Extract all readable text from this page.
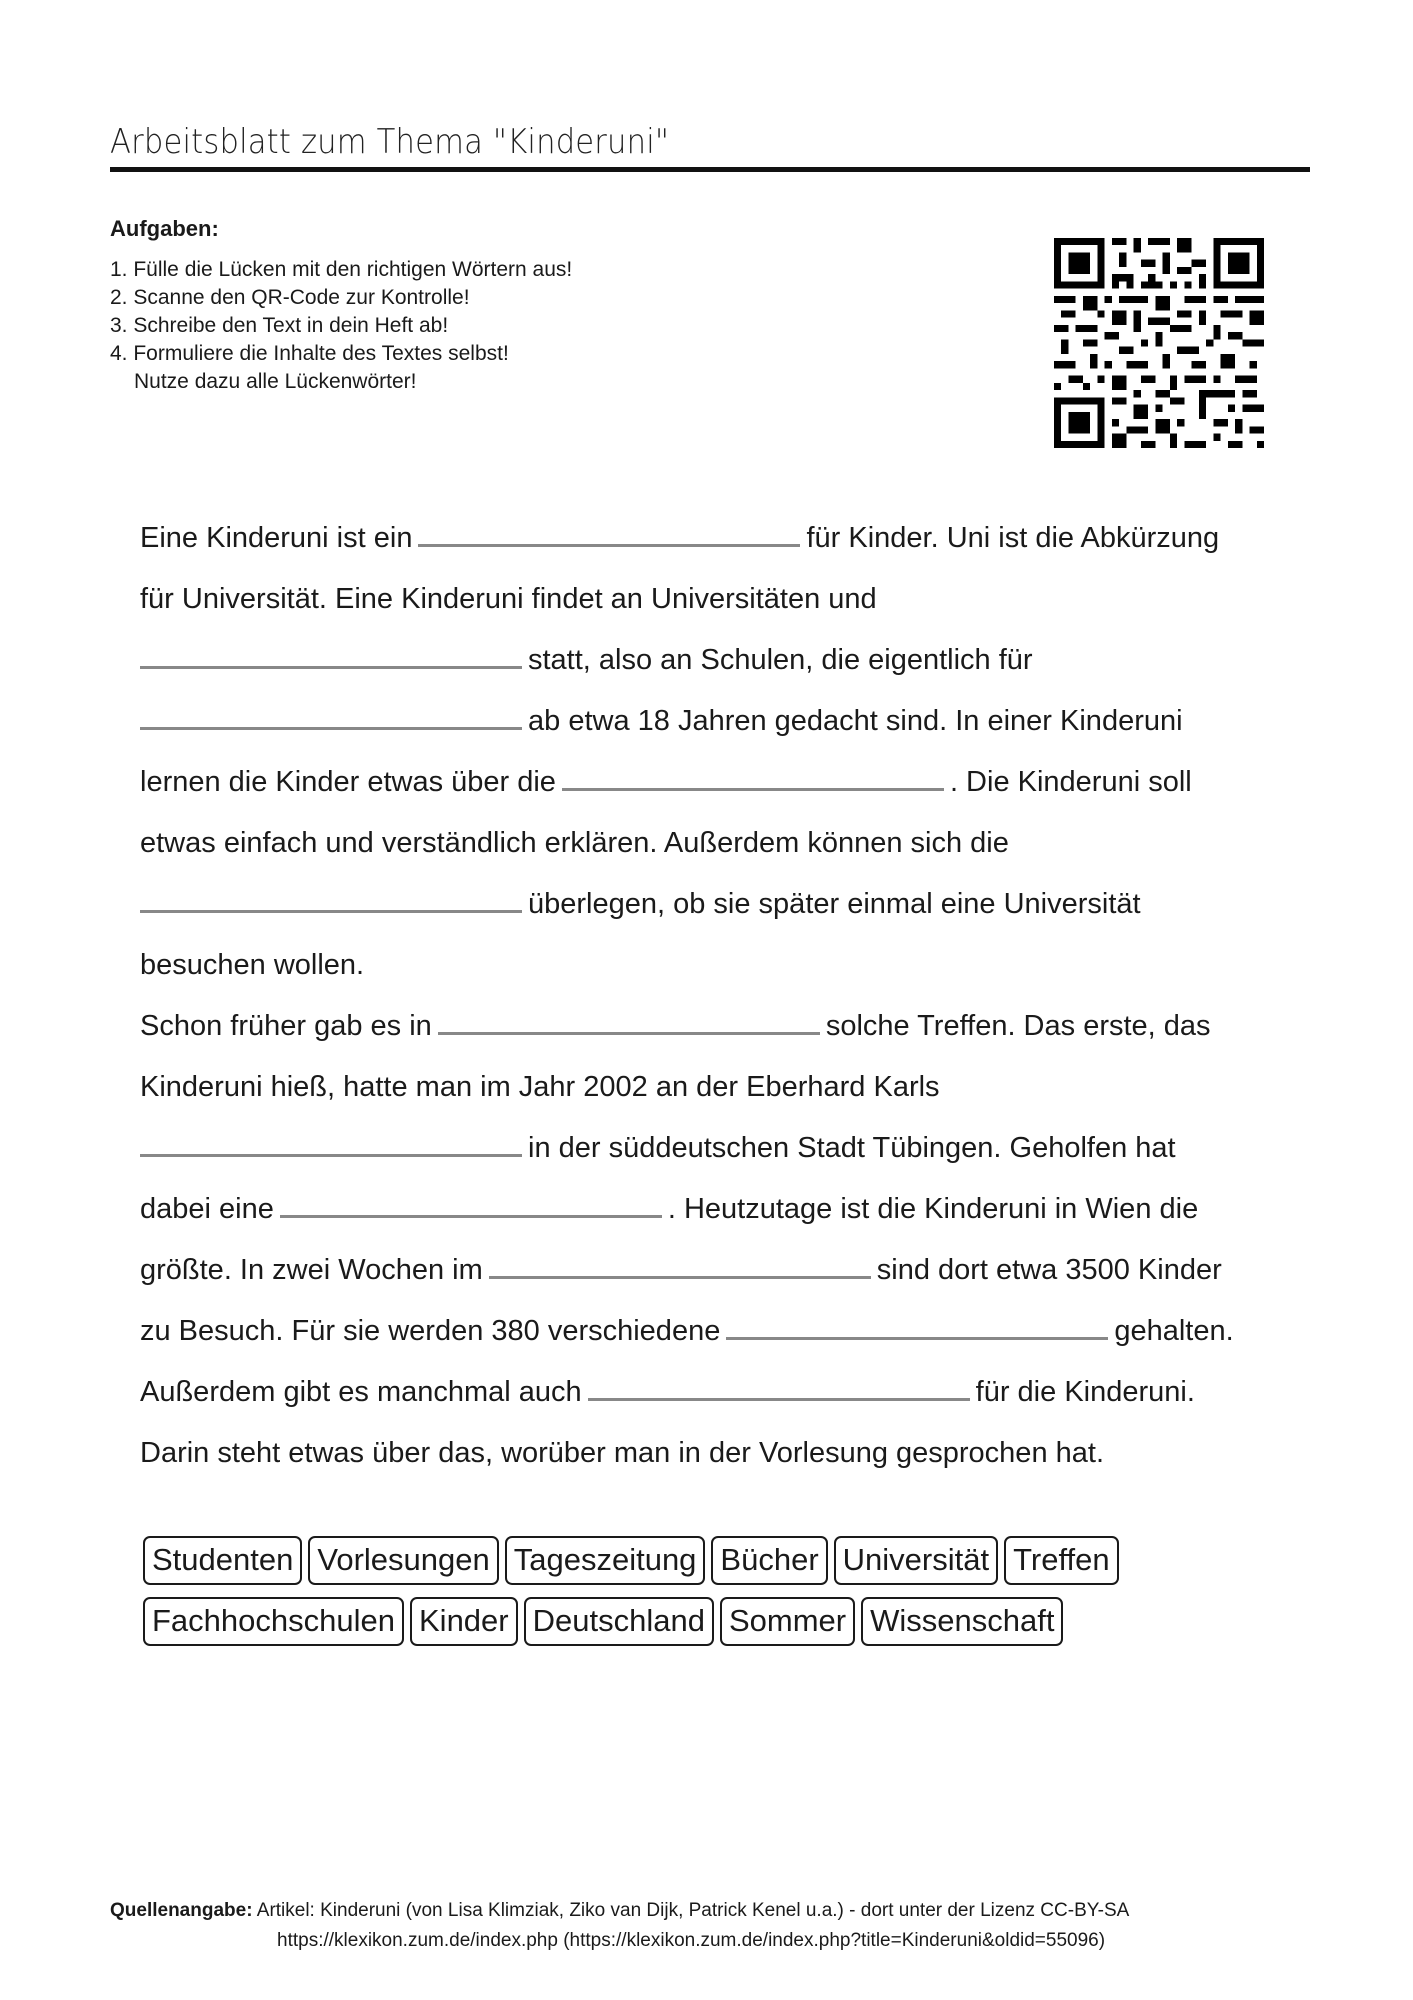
Arbeitsblatt zum Thema "Kinderuni"
Aufgaben:
1. Fülle die Lücken mit den richtigen Wörtern aus!
2. Scanne den QR-Code zur Kontrolle!
3. Schreibe den Text in dein Heft ab!
4. Formuliere die Inhalte des Textes selbst!
Nutze dazu alle Lückenwörter!
Eine Kinderuni ist ein	für Kinder. Uni ist die Abkürzung
für Universität. Eine Kinderuni findet an Universitäten und
statt, also an Schulen, die eigentlich für
ab etwa 18 Jahren gedacht sind. In einer Kinderuni
lernen die Kinder etwas über die	. Die Kinderuni soll
etwas einfach und verständlich erklären. Außerdem können sich die
überlegen, ob sie später einmal eine Universität
besuchen wollen.
Schon früher gab es in	solche Treffen. Das erste, das
Kinderuni hieß, hatte man im Jahr 2002 an der Eberhard Karls
in der süddeutschen Stadt Tübingen. Geholfen hat
dabei eine	. Heutzutage ist die Kinderuni in Wien die
größte. In zwei Wochen im	sind dort etwa 3500 Kinder
zu Besuch. Für sie werden 380 verschiedene	gehalten.
Außerdem gibt es manchmal auch	für die Kinderuni.
Darin steht etwas über das, worüber man in der Vorlesung gesprochen hat.
Studenten Vorlesungen Tageszeitung Bücher Universität Treffen
Fachhochschulen Kinder Deutschland Sommer Wissenschaft
Quellenangabe: Artikel: Kinderuni (von Lisa Klimziak, Ziko van Dijk, Patrick Kenel u.a.) - dort unter der Lizenz CC-BY-SA
https://klexikon.zum.de/index.php (https://klexikon.zum.de/index.php?title=Kinderuni&oldid=55096)
